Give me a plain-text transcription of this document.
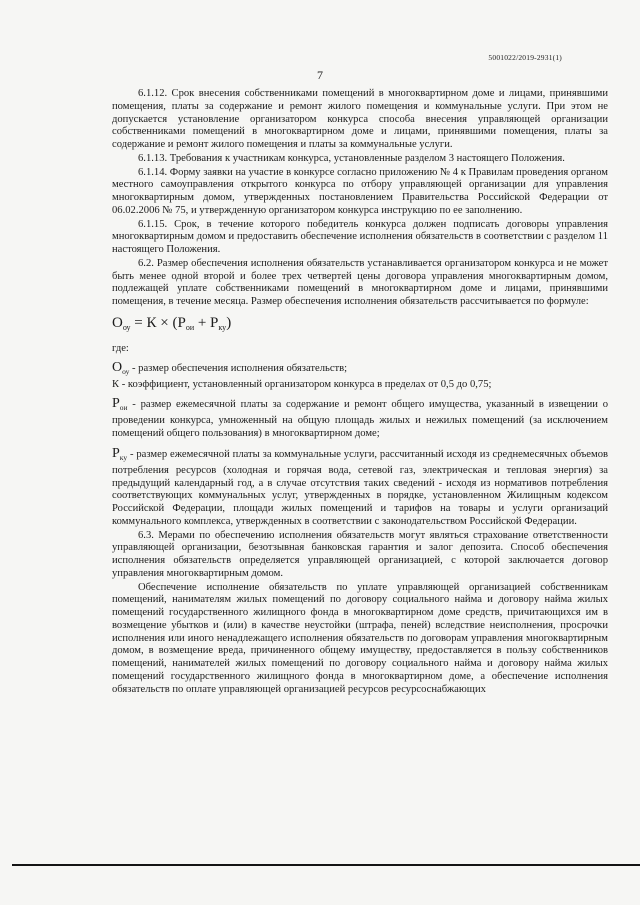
5001022/2019-2931(1)
7

6.1.12. Срок внесения собственниками помещений в многоквартирном доме и лицами, принявшими помещения, платы за содержание и ремонт жилого помещения и коммунальные услуги. При этом не допускается установление организатором конкурса способа внесения управляющей организации собственниками помещений в многоквартирном доме и лицами, принявшими помещения, платы за содержание и ремонт жилого помещения и платы за коммунальные услуги.

6.1.13. Требования к участникам конкурса, установленные разделом 3 настоящего Положения.

6.1.14. Форму заявки на участие в конкурсе согласно приложению № 4 к Правилам проведения органом местного самоуправления открытого конкурса по отбору управляющей организации для управления многоквартирным домом, утвержденных постановлением Правительства Российской Федерации от 06.02.2006 № 75, и утвержденную организатором конкурса инструкцию по ее заполнению.

6.1.15. Срок, в течение которого победитель конкурса должен подписать договоры управления многоквартирным домом и предоставить обеспечение исполнения обязательств в соответствии с разделом 11 настоящего Положения.

6.2. Размер обеспечения исполнения обязательств устанавливается организатором конкурса и не может быть менее одной второй и более трех четвертей цены договора управления многоквартирным домом, подлежащей уплате собственниками помещений в многоквартирном доме и лицами, принявшими помещения, в течение месяца. Размер обеспечения исполнения обязательств рассчитывается по формуле:

$О_{оу} = К \times (Р_{ои} + Р_{ку})$

где:

$О_{оу}$ - размер обеспечения исполнения обязательств;

К - коэффициент, установленный организатором конкурса в пределах от 0,5 до 0,75;

$Р_{ои}$ - размер ежемесячной платы за содержание и ремонт общего имущества, указанный в извещении о проведении конкурса, умноженный на общую площадь жилых и нежилых помещений (за исключением помещений общего пользования) в многоквартирном доме;

$Р_{ку}$ - размер ежемесячной платы за коммунальные услуги, рассчитанный исходя из среднемесячных объемов потребления ресурсов (холодная и горячая вода, сетевой газ, электрическая и тепловая энергия) за предыдущий календарный год, а в случае отсутствия таких сведений - исходя из нормативов потребления соответствующих коммунальных услуг, утвержденных в порядке, установленном Жилищным кодексом Российской Федерации, площади жилых помещений и тарифов на товары и услуги организаций коммунального комплекса, утвержденных в соответствии с законодательством Российской Федерации.

6.3. Мерами по обеспечению исполнения обязательств могут являться страхование ответственности управляющей организации, безотзывная банковская гарантия и залог депозита. Способ обеспечения исполнения обязательств определяется управляющей организацией, с которой заключается договор управления многоквартирным домом.

Обеспечение исполнение обязательств по уплате управляющей организацией собственникам помещений, нанимателям жилых помещений по договору социального найма и договору найма жилых помещений государственного жилищного фонда в многоквартирном доме средств, причитающихся им в возмещение убытков и (или) в качестве неустойки (штрафа, пеней) вследствие неисполнения, просрочки исполнения или иного ненадлежащего исполнения обязательств по договорам управления многоквартирным домом, в возмещение вреда, причиненного общему имуществу, предоставляется в пользу собственников помещений, нанимателей жилых помещений по договору социального найма и договору найма жилых помещений государственного жилищного фонда в многоквартирном доме, а обеспечение исполнения обязательств по оплате управляющей организацией ресурсов ресурсоснабжающих
